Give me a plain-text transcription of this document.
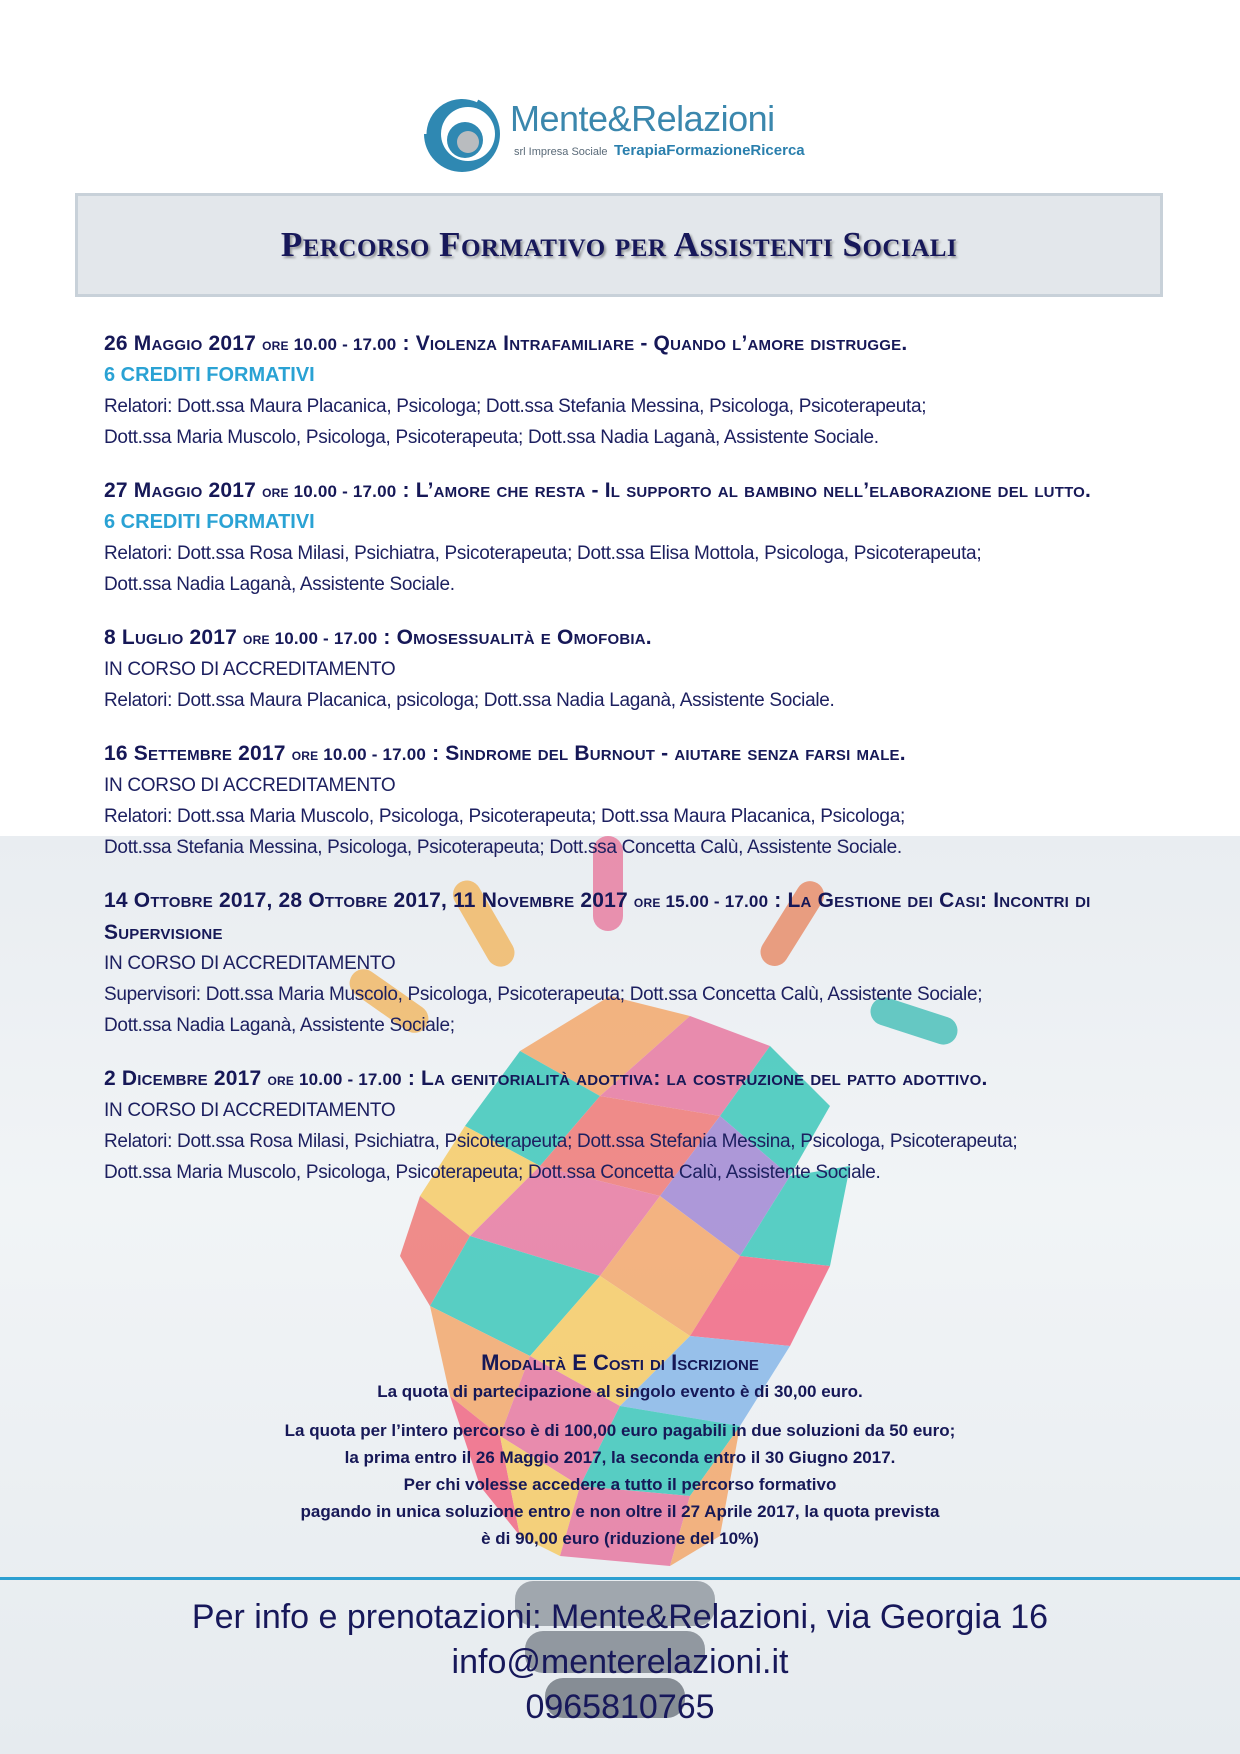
Mente&Relazioni
srl Impresa Sociale TerapiaFormazioneRicerca
Percorso Formativo per Assistenti Sociali
26 Maggio 2017 ore 10.00 - 17.00 : Violenza Intrafamiliare - Quando l’amore distrugge.
6 CREDITI FORMATIVI
Relatori: Dott.ssa Maura Placanica, Psicologa; Dott.ssa Stefania Messina, Psicologa, Psicoterapeuta;
Dott.ssa Maria Muscolo, Psicologa, Psicoterapeuta; Dott.ssa Nadia Laganà, Assistente Sociale.
27 Maggio 2017 ore 10.00 - 17.00 : L’amore che resta - Il supporto al bambino nell’elaborazione del lutto.
6 CREDITI FORMATIVI
Relatori: Dott.ssa Rosa Milasi, Psichiatra, Psicoterapeuta; Dott.ssa Elisa Mottola, Psicologa, Psicoterapeuta;
Dott.ssa Nadia Laganà, Assistente Sociale.
8 Luglio 2017 ore 10.00 - 17.00 : Omosessualità e Omofobia.
IN CORSO DI ACCREDITAMENTO
Relatori: Dott.ssa Maura Placanica, psicologa; Dott.ssa Nadia Laganà, Assistente Sociale.
16 Settembre 2017 ore 10.00 - 17.00 : Sindrome del Burnout - aiutare senza farsi male.
IN CORSO DI ACCREDITAMENTO
Relatori: Dott.ssa Maria Muscolo, Psicologa, Psicoterapeuta; Dott.ssa Maura Placanica, Psicologa;
Dott.ssa Stefania Messina, Psicologa, Psicoterapeuta; Dott.ssa Concetta Calù, Assistente Sociale.
14 Ottobre 2017, 28 Ottobre 2017, 11 Novembre 2017 ore 15.00 - 17.00 : La Gestione dei Casi: Incontri di Supervisione
IN CORSO DI ACCREDITAMENTO
Supervisori: Dott.ssa Maria Muscolo, Psicologa, Psicoterapeuta; Dott.ssa Concetta Calù, Assistente Sociale;
Dott.ssa Nadia Laganà, Assistente Sociale;
2 Dicembre 2017 ore 10.00 - 17.00 : La genitorialità adottiva: la costruzione del patto adottivo.
IN CORSO DI ACCREDITAMENTO
Relatori: Dott.ssa Rosa Milasi, Psichiatra, Psicoterapeuta; Dott.ssa Stefania Messina, Psicologa, Psicoterapeuta;
Dott.ssa Maria Muscolo, Psicologa, Psicoterapeuta; Dott.ssa Concetta Calù, Assistente Sociale.
Modalità E Costi di Iscrizione
La quota di partecipazione al singolo evento è di 30,00 euro.
La quota per l’intero percorso è di 100,00 euro pagabili in due soluzioni da 50 euro;
la prima entro il 26 Maggio 2017, la seconda entro il 30 Giugno 2017.
Per chi volesse accedere a tutto il percorso formativo
pagando in unica soluzione entro e non oltre il 27 Aprile 2017, la quota prevista
è di 90,00 euro (riduzione del 10%)
Per info e prenotazioni: Mente&Relazioni, via Georgia 16
info@menterelazioni.it
0965810765
